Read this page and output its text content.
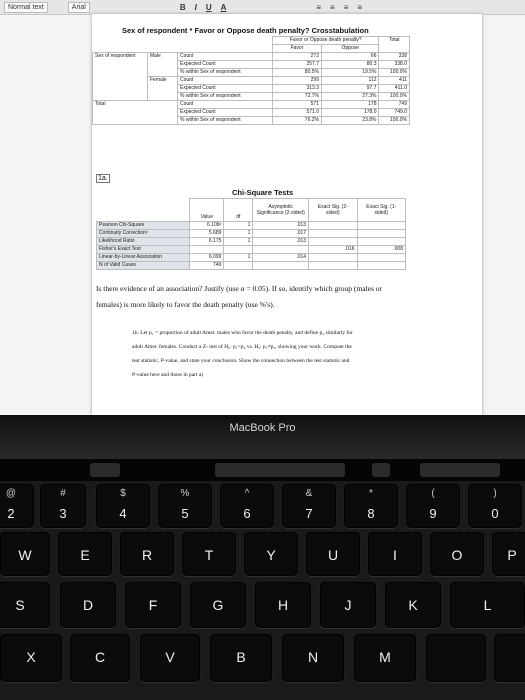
Normal text	Arial	B I U A	≡≡≡≡
Sex of respondent * Favor or Oppose death penalty? Crosstabulation
			Favor or Oppose death penalty?		Total
			Favor	Oppose	
Sex of respondent	Male	Count	272	66	338
		Expected Count	257.7	80.3	338.0
		% within Sex of respondent	80.5%	19.5%	100.0%
	Female	Count	299	112	411
		Expected Count	313.3	97.7	411.0
		% within Sex of respondent	72.7%	27.3%	100.0%
Total		Count	571	178	749
		Expected Count	571.0	178.0	749.0
		% within Sex of respondent	76.2%	23.8%	100.0%
1a.
Chi-Square Tests
	Value	df	Asymptotic Significance (2-sided)	Exact Sig. (2-sided)	Exact Sig. (1-sided)
Pearson Chi-Square	6.108ᵃ	1	.013		
Continuity Correctionᵇ	5.689	1	.017		
Likelihood Ratio	6.175	1	.013		
Fisher's Exact Test				.016	.008
Linear-by-Linear Association	6.099	1	.014		
N of Valid Cases	749				
Is there evidence of an association? Justify (use α = 0.05). If so, identify which group (males or
females) is more likely to favor the death penalty (use %'s).
1b. Let p₁ = proportion of adult Amer. males who favor the death penalty, and define p₂ similarly for
adult Amer. females. Conduct a Z- test of H₀: p₁=p₂ vs. Hₐ: p₁≠p₂, showing your work. Compute the
test statistic, P-value, and state your conclusion. Show the connection between the test statistic and
P-value here and those in part a)
MacBook Pro
@
2
#
3
$
4
%
5
^
6
&
7
*
8
(
9
)
0
W	E	R	T	Y	U	I	O	P
S	D	F	G	H	J	K	L
X	C	V	B	N	M
